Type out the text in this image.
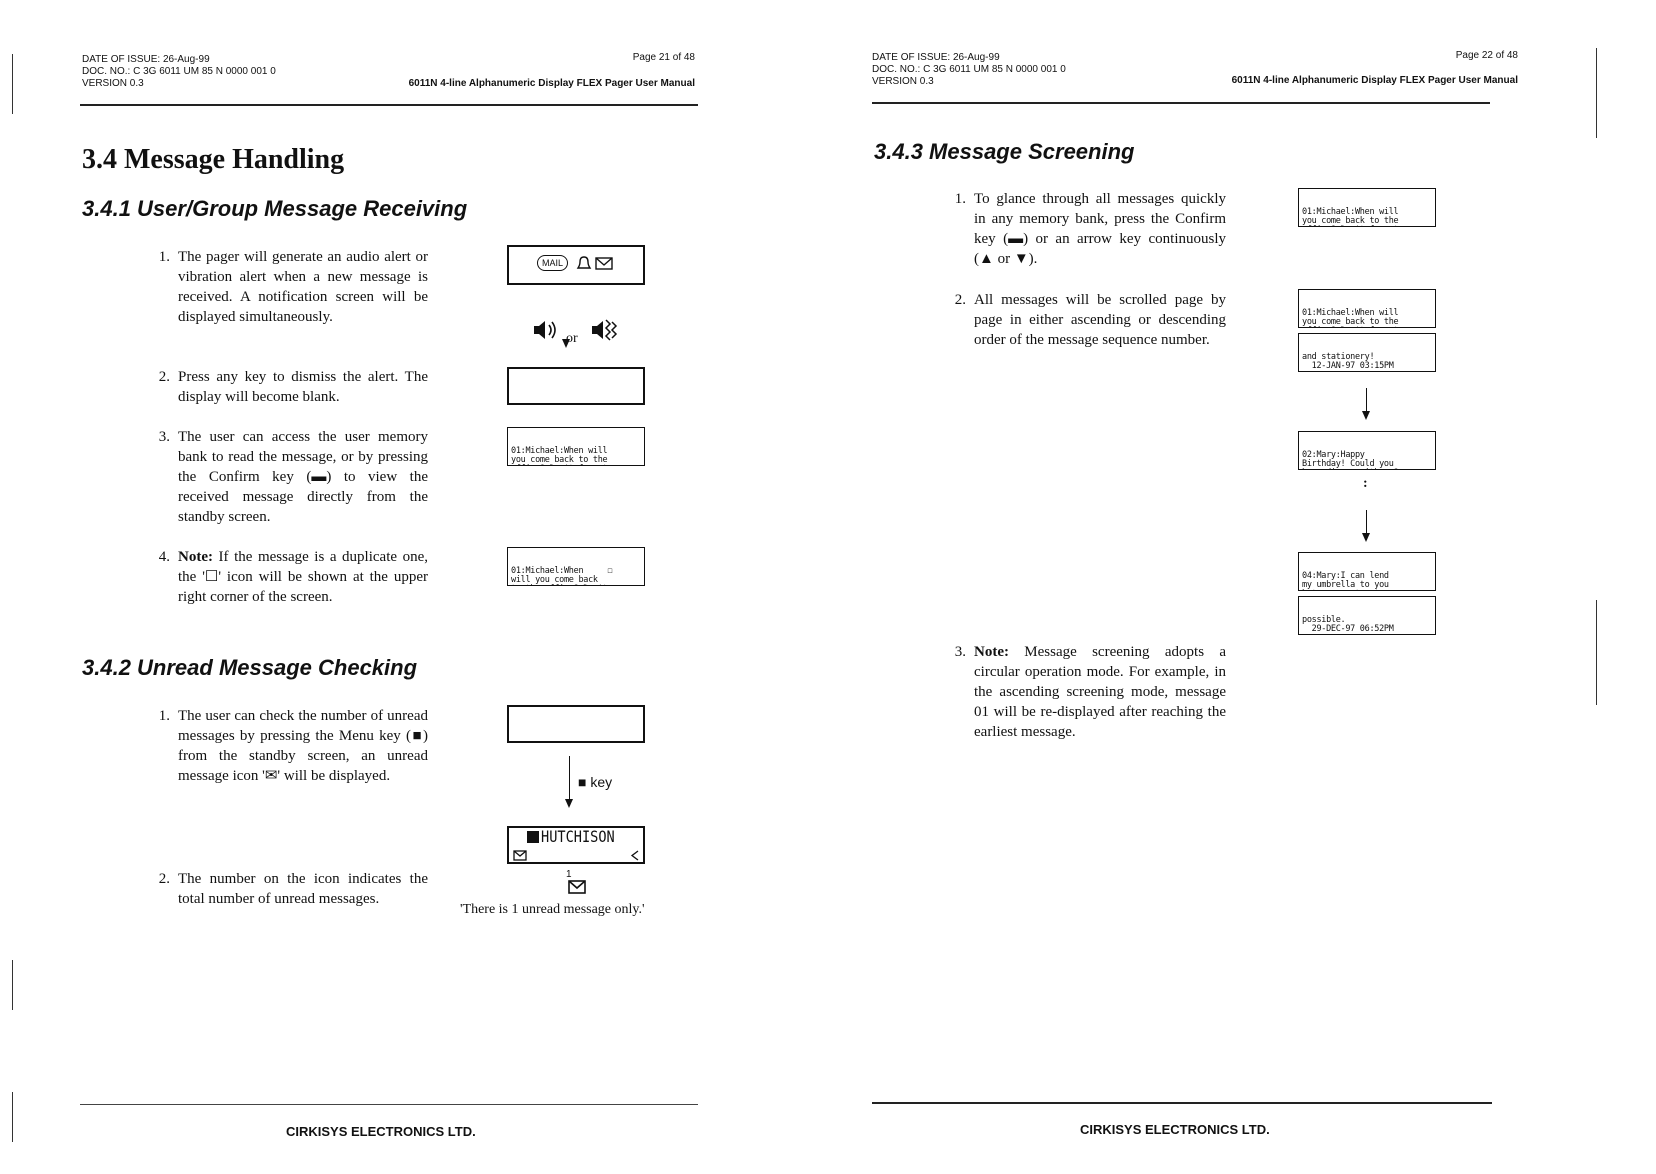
DATE OF ISSUE: 26-Aug-99
DOC. NO.: C 3G 6011 UM 85 N 0000 001 0
VERSION 0.3
Page 21 of 48
6011N 4-line Alphanumeric Display FLEX Pager User Manual
3.4 Message Handling
3.4.1 User/Group Message Receiving
1. The pager will generate an audio alert or vibration alert when a new message is received. A notification screen will be displayed simultaneously.
2. Press any key to dismiss the alert. The display will become blank.
3. The user can access the user memory bank to read the message, or by pressing the Confirm key (▬) to view the received message directly from the standby screen.
4. Note: If the message is a duplicate one, the '☐' icon will be shown at the upper right corner of the screen.
MAIL
or

01:Michael:When will
you come back to the

01:Michael:When     ☐
will you come back

3.4.2 Unread Message Checking
1. The user can check the number of unread messages by pressing the Menu key (■) from the standby screen, an unread message icon '✉' will be displayed.
2. The number on the icon indicates the total number of unread messages.
■ key
HUTCHISON
1
'There is 1 unread message only.'
CIRKISYS ELECTRONICS LTD.
DATE OF ISSUE: 26-Aug-99
DOC. NO.: C 3G 6011 UM 85 N 0000 001 0
VERSION 0.3
Page 22 of 48
6011N 4-line Alphanumeric Display FLEX Pager User Manual
3.4.3 Message Screening
1. To glance through all messages quickly in any memory bank, press the Confirm key (▬) or an arrow key continuously (▲ or ▼).
2. All messages will be scrolled page by page in either ascending or descending order of the message sequence number.
3. Note: Message screening adopts a circular operation mode. For example, in the ascending screening mode, message 01 will be re-displayed after reaching the earliest message.

01:Michael:When will
you come back to the

01:Michael:When will
you come back to the

and stationery!
12-JAN-97 03:15PM

02:Mary:Happy
Birthday! Could you

:

04:Mary:I can lend
my umbrella to you

possible.
29-DEC-97 06:52PM

CIRKISYS ELECTRONICS LTD.
